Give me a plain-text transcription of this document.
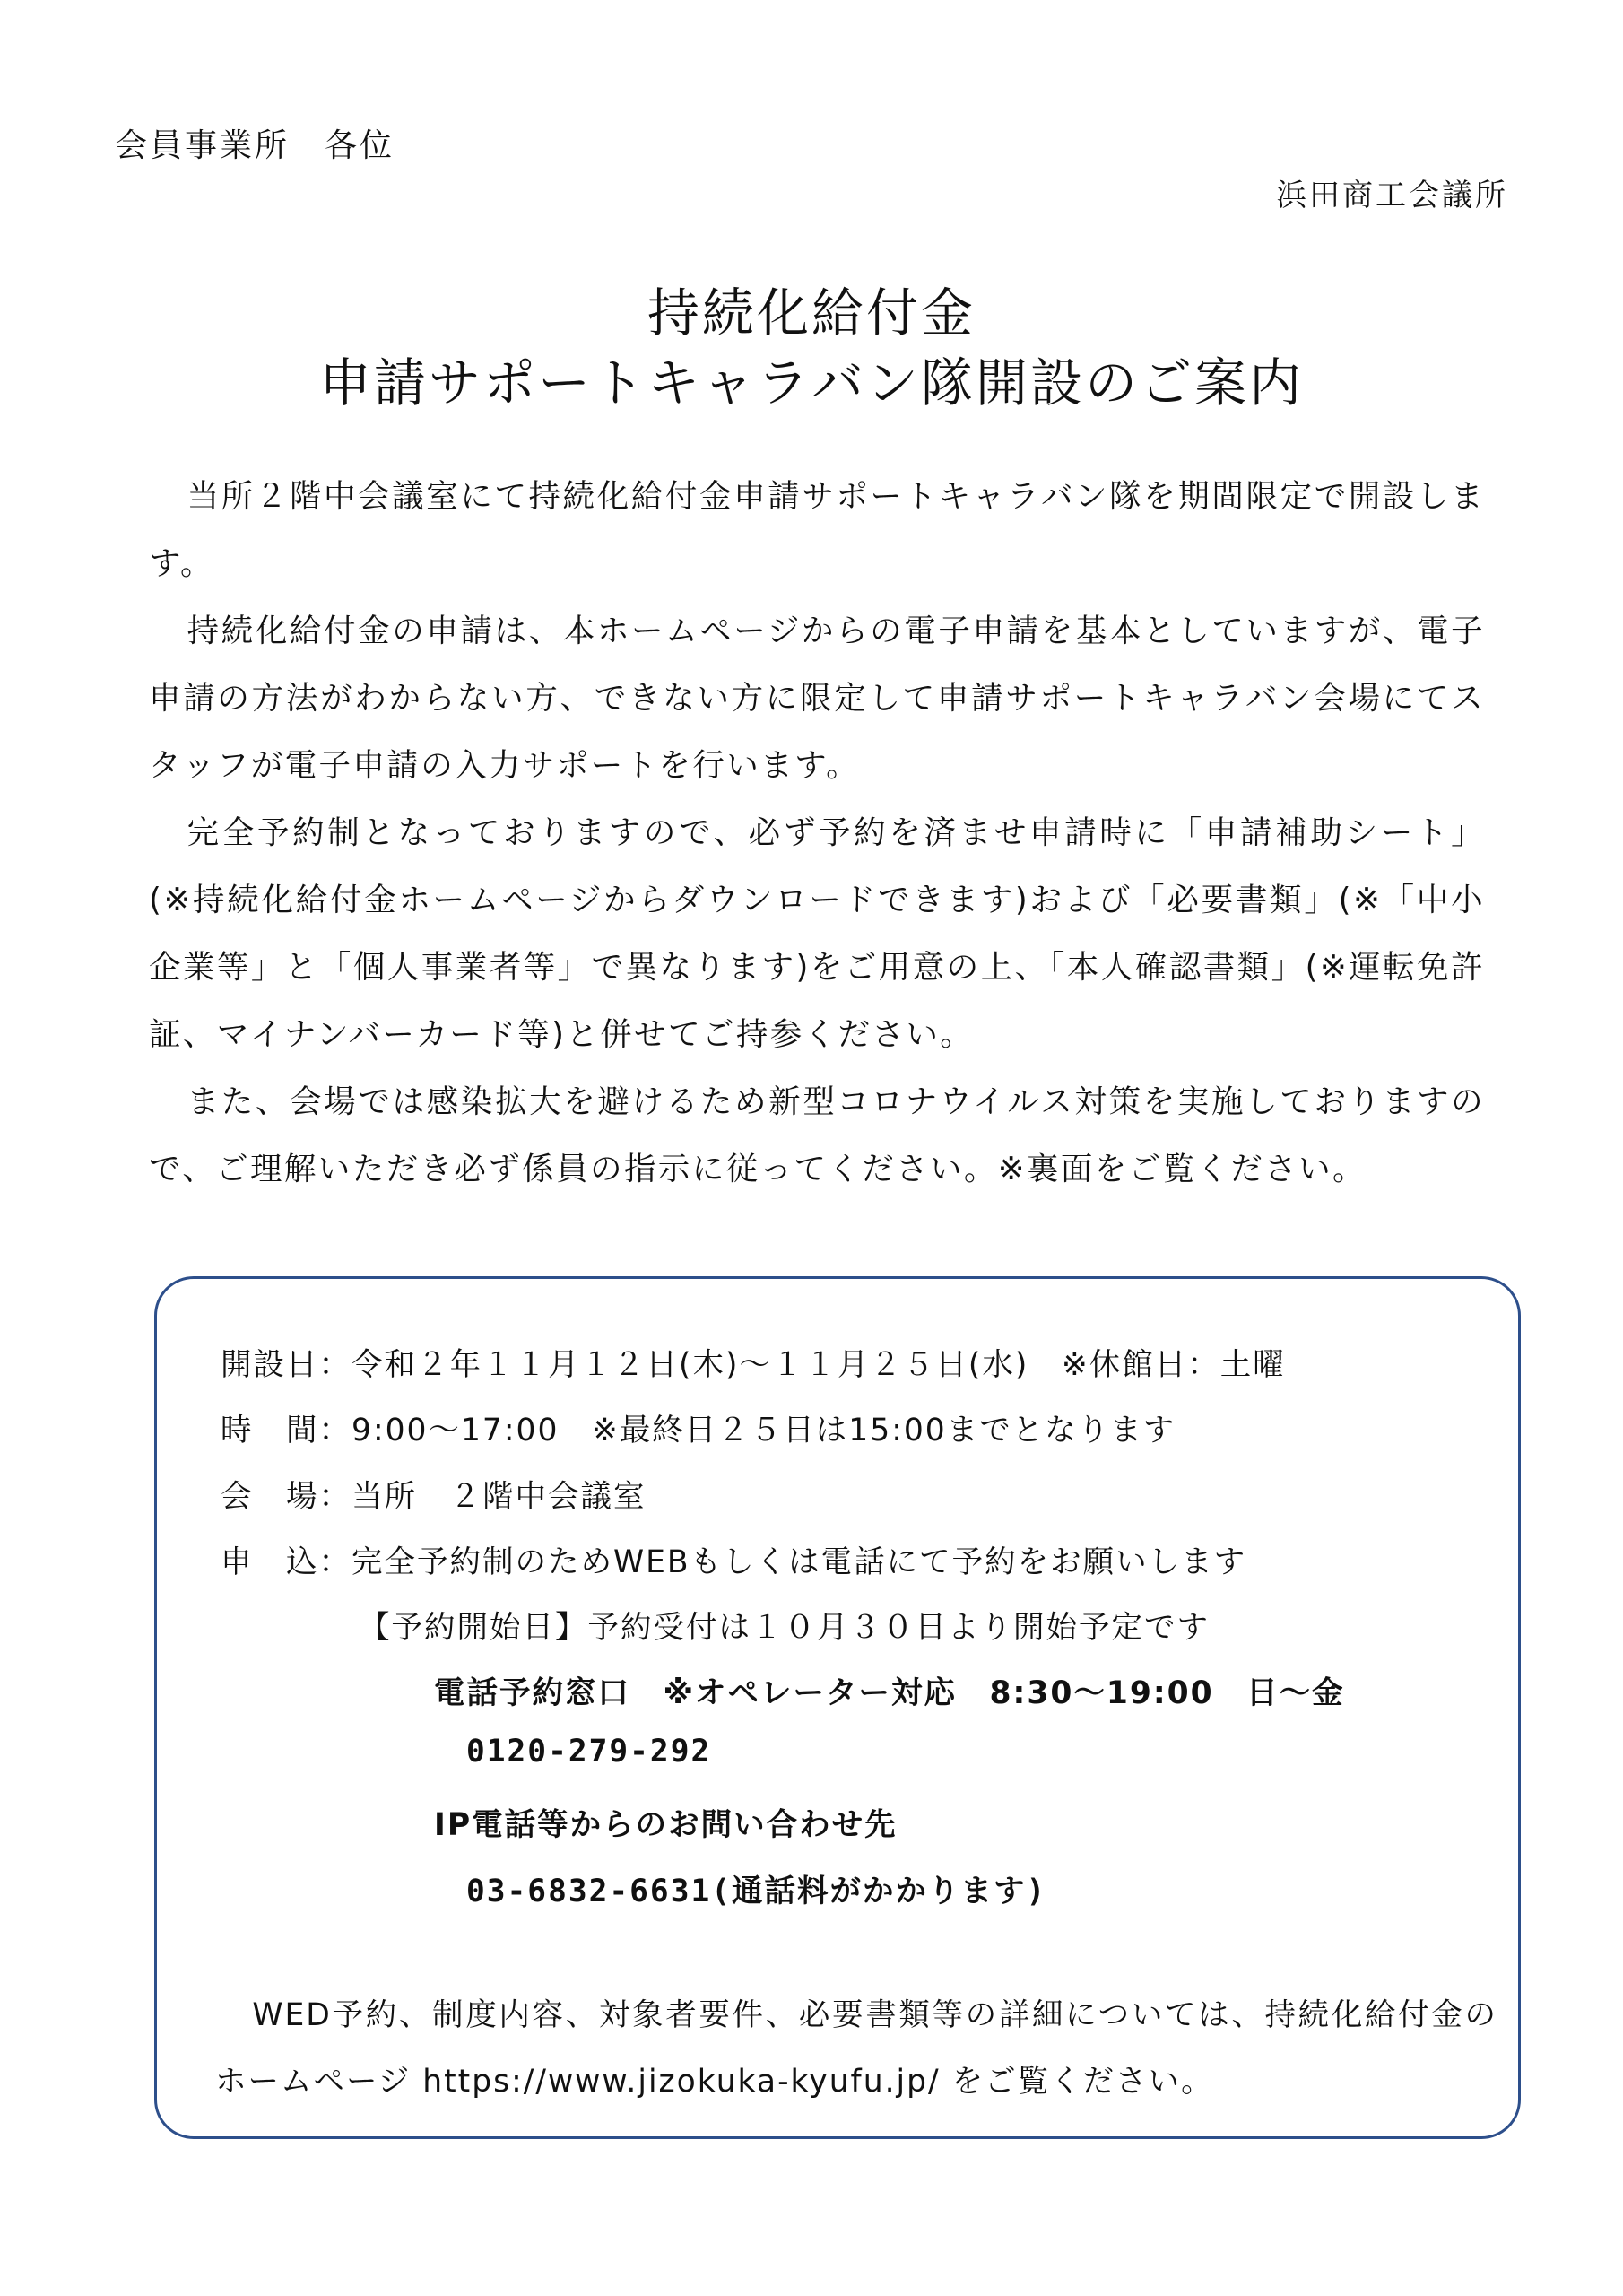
会員事業所　各位
浜田商工会議所
持続化給付金
申請サポートキャラバン隊開設のご案内
当所２階中会議室にて持続化給付金申請サポートキャラバン隊を期間限定で開設します。
持続化給付金の申請は、本ホームページからの電子申請を基本としていますが、電子申請の方法がわからない方、できない方に限定して申請サポートキャラバン会場にてスタッフが電子申請の入力サポートを行います。
完全予約制となっておりますので、必ず予約を済ませ申請時に「申請補助シート」(※持続化給付金ホームページからダウンロードできます)および「必要書類」(※「中小企業等」と「個人事業者等」で異なります)をご用意の上、「本人確認書類」(※運転免許証、マイナンバーカード等)と併せてご持参ください。
また、会場では感染拡大を避けるため新型コロナウイルス対策を実施しておりますので、ご理解いただき必ず係員の指示に従ってください。※裏面をご覧ください。
開設日：令和２年１１月１２日(木)～１１月２５日(水)　※休館日：土曜
時　間：9:00～17:00　※最終日２５日は15:00までとなります
会　場：当所　２階中会議室
申　込：完全予約制のためWEBもしくは電話にて予約をお願いします
【予約開始日】予約受付は１０月３０日より開始予定です
電話予約窓口　※オペレーター対応　8:30～19:00　日～金
0120-279-292
IP電話等からのお問い合わせ先
03-6832-6631(通話料がかかります)
WED予約、制度内容、対象者要件、必要書類等の詳細については、持続化給付金のホームページ https://www.jizokuka-kyufu.jp/ をご覧ください。
